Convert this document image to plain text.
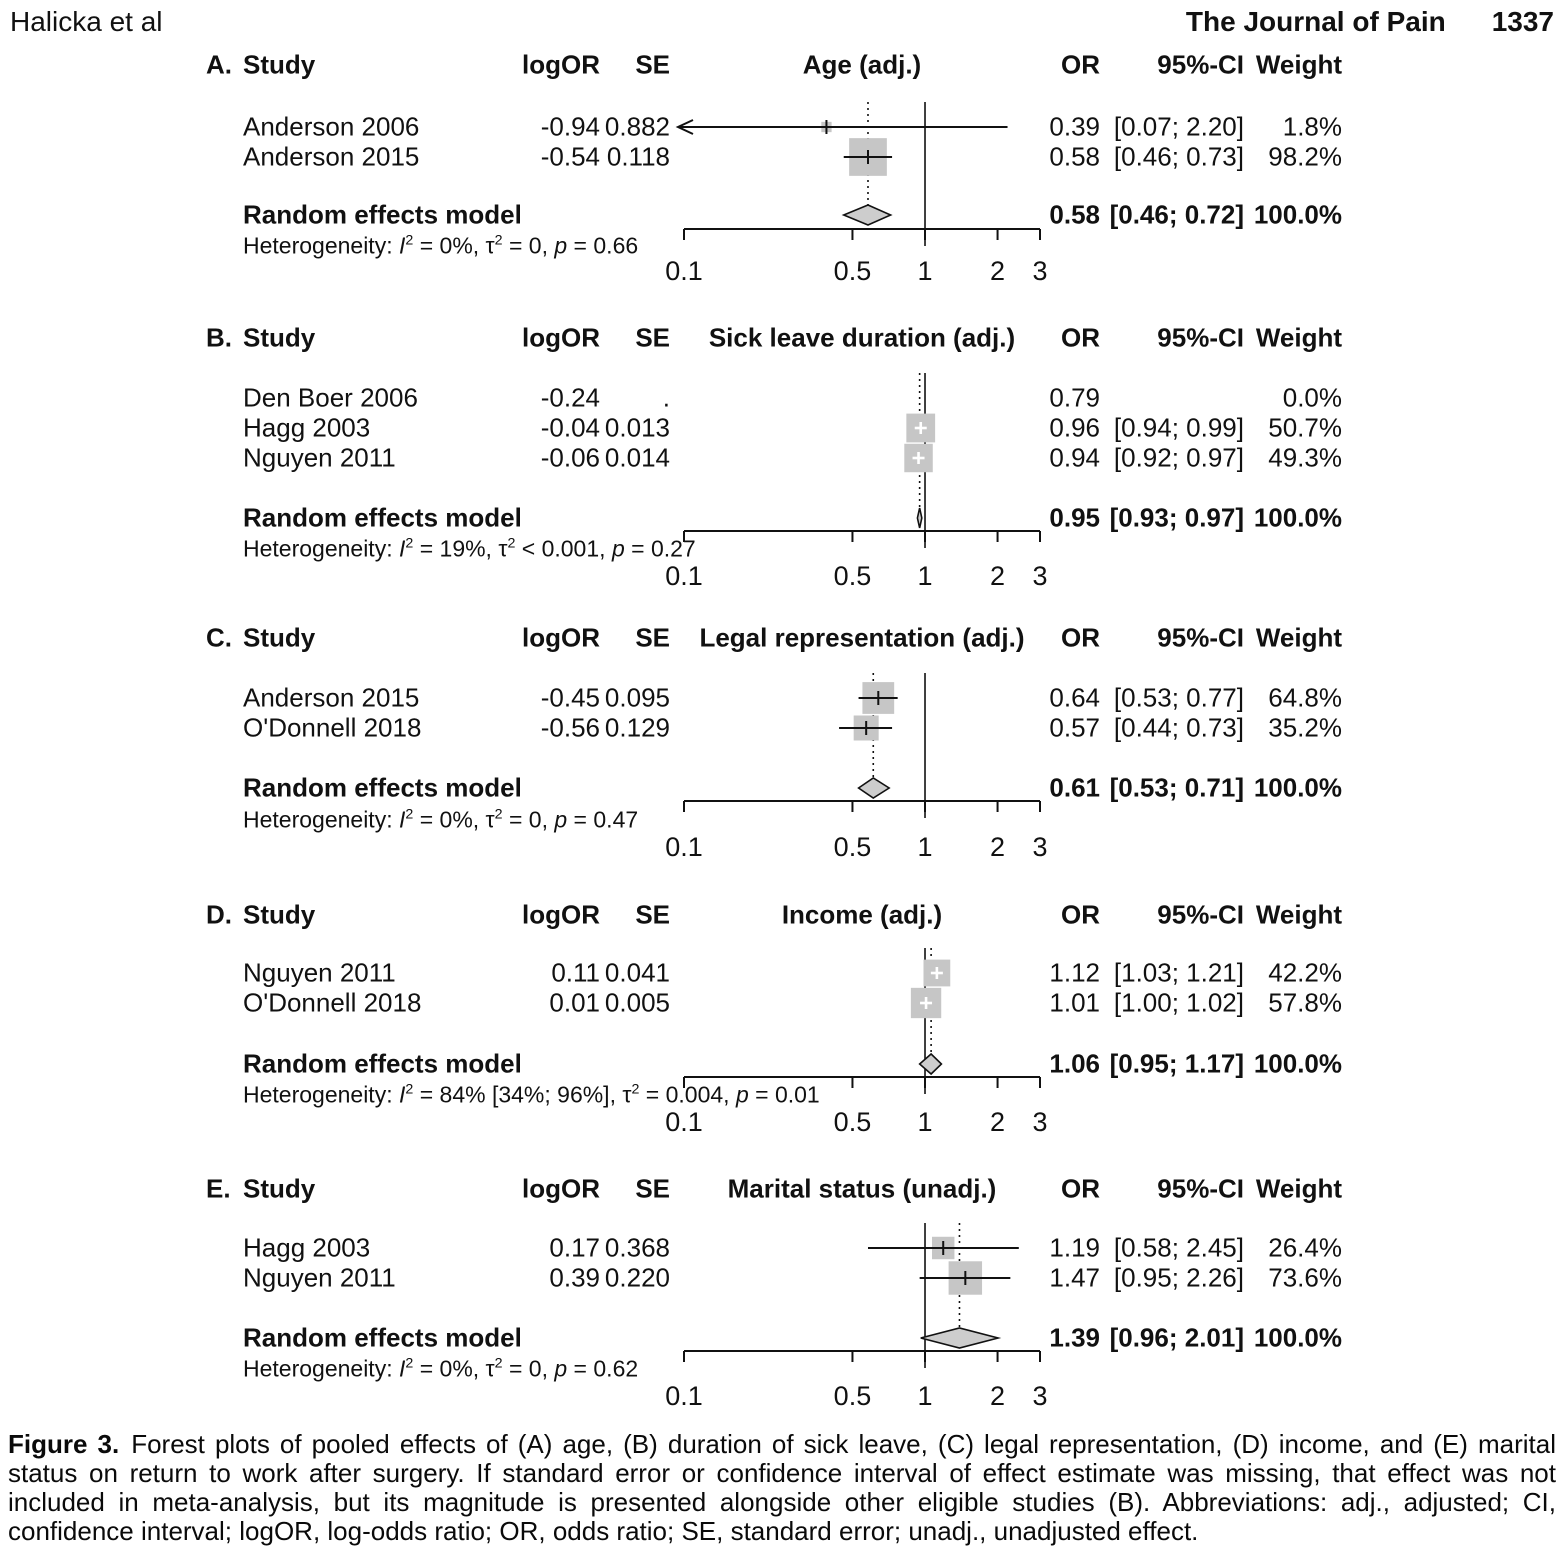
Halicka et al	The Journal of Pain 1337
0.1	0.5 1 2 3
0.1	0.5 1 2 3
0.1	0.5 1 2 3
0.1	0.5 1 2 3
0.1	0.5 1 2 3
A. Study	logOR	SE	Age (adj.)	OR	95%-CI Weight
Anderson 2006	-0.94 0.882	0.39 [0.07; 2.20]	1.8%
Anderson 2015	-0.54 0.118	0.58 [0.46; 0.73] 98.2%
Random effects model	0.58 [0.46; 0.72] 100.0%
Heterogeneity: $I^2 = 0\%$, $\tau^2 = 0$, p = 0.66
B. Study	logOR	SE	Sick leave duration (adj.)	OR	95%-CI Weight
Den Boer 2006	-0.24	.	0.79	0.0%
Hagg 2003	-0.04 0.013	0.96 [0.94; 0.99] 50.7%
Nguyen 2011	-0.06 0.014	0.94 [0.92; 0.97] 49.3%
Random effects model	0.95 [0.93; 0.97] 100.0%
Heterogeneity: $I^2 = 19\%$, $\tau^2 < 0.001$, p = 0.27
C. Study	logOR	SE	Legal representation (adj.)	OR	95%-CI Weight
Anderson 2015	-0.45 0.095	0.64 [0.53; 0.77] 64.8%
O'Donnell 2018	-0.56 0.129	0.57 [0.44; 0.73] 35.2%
Random effects model	0.61 [0.53; 0.71] 100.0%
Heterogeneity: $I^2 = 0\%$, $\tau^2 = 0$, p = 0.47
D. Study	logOR	SE	Income (adj.)	OR	95%-CI Weight
Nguyen 2011	0.11 0.041	1.12 [1.03; 1.21] 42.2%
O'Donnell 2018	0.01 0.005	1.01 [1.00; 1.02] 57.8%
Random effects model	1.06 [0.95; 1.17] 100.0%
Heterogeneity: $I^2 = 84\%$ [34%; 96%], $\tau^2 = 0.004$, p = 0.01
E. Study	logOR	SE	Marital status (unadj.)	OR	95%-CI Weight
Hagg 2003	0.17 0.368	1.19 [0.58; 2.45] 26.4%
Nguyen 2011	0.39 0.220	1.47 [0.95; 2.26] 73.6%
Random effects model	1.39 [0.96; 2.01] 100.0%
Heterogeneity: $I^2 = 0\%$, $\tau^2 = 0$, p = 0.62
Figure 3. Forest plots of pooled effects of (A) age, (B) duration of sick leave, (C) legal representation, (D) income, and (E) marital status on return to work after surgery. If standard error or confidence interval of effect estimate was missing, that effect was not included in meta-analysis, but its magnitude is presented alongside other eligible studies (B). Abbreviations: adj., adjusted; CI, confidence interval; logOR, log-odds ratio; OR, odds ratio; SE, standard error; unadj., unadjusted effect.
